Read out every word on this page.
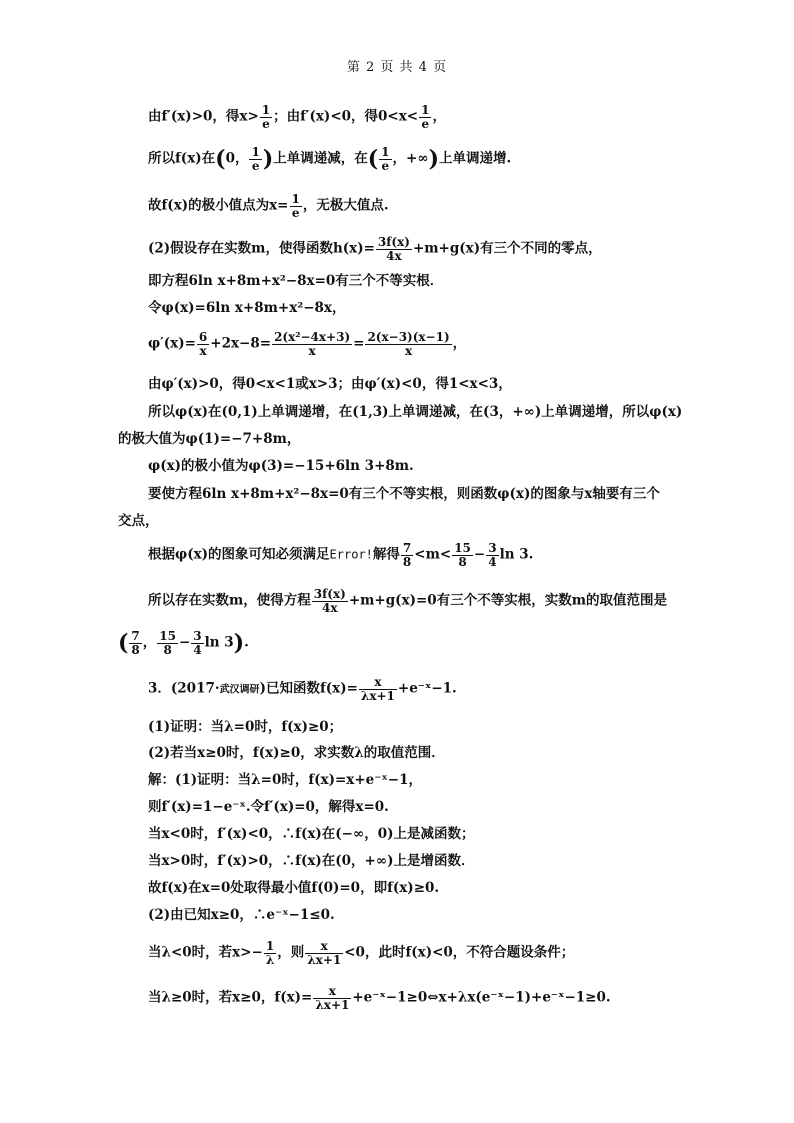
第 2 页 共 4 页
由f′(x)>0，得$x> \frac{1}{e}$ ；由f′(x)<0，得$0<x< \frac{1}{e}$ ，
所以f(x)在(0， $\frac{1}{e}$ )上单调递减，在( $\frac{1}{e}$ ，+∞)上单调递增.
故f(x)的极小值点为$x= \frac{1}{e}$ ，无极大值点.
(2)假设存在实数m，使得函数$h(x)= \frac{3f(x)}{4x} +m+g(x)$有三个不同的零点，
即方程6ln x+8m+x²−8x=0有三个不等实根．
令φ(x)=6ln x+8m+x²−8x，
$\varphi'(x)= \frac{6}{x} +2x-8= \frac{\text{2(x²−4x+3)}}{x} = \frac{2(x-3)(x-1)}{x}$ ，
由φ′(x)>0，得0<x<1或x>3；由φ′(x)<0，得1<x<3，
所以φ(x)在(0,1)上单调递增，在(1,3)上单调递减，在(3，+∞)上单调递增，所以φ(x)
的极大值为φ(1)=−7+8m，
φ(x)的极小值为φ(3)=−15+6ln 3+8m.
要使方程6ln x+8m+x²−8x=0有三个不等实根，则函数φ(x)的图象与x轴要有三个
交点，
根据φ(x)的图象可知必须满足Error!解得 $\frac{7}{8} <m< \frac{15}{8} - \frac{3}{4}$ ln 3.
所以存在实数m，使得方程 $\frac{3f(x)}{4x} +m+g(x)=0$有三个不等实根，实数m的取值范围是
( $\frac{7}{8}$ ， $\frac{15}{8} - \frac{3}{4}$ ln 3).
3．(2017·武汉调研)已知函数$f(x)= \frac{x}{\lambda x+1}$ +e⁻ˣ−1.
(1)证明：当λ=0时，f(x)≥0；
(2)若当x≥0时，f(x)≥0，求实数λ的取值范围．
解：(1)证明：当λ=0时，f(x)=x+e⁻ˣ−1，
则f′(x)=1−e⁻ˣ.令f′(x)=0，解得x=0.
当x<0时，f′(x)<0，∴f(x)在(−∞，0)上是减函数；
当x>0时，f′(x)>0，∴f(x)在(0，+∞)上是增函数．
故f(x)在x=0处取得最小值f(0)=0，即f(x)≥0.
(2)由已知x≥0，∴e⁻ˣ−1≤0.
当λ<0时，若$x>- \frac{1}{\lambda}$ ，则 $\frac{x}{\lambda x+1} <0$，此时f(x)<0，不符合题设条件；
当λ≥0时，若x≥0，$f(x)= \frac{x}{\lambda x+1}$ +e⁻ˣ−1≥0⇔x+λx(e⁻ˣ−1)+e⁻ˣ−1≥0.
